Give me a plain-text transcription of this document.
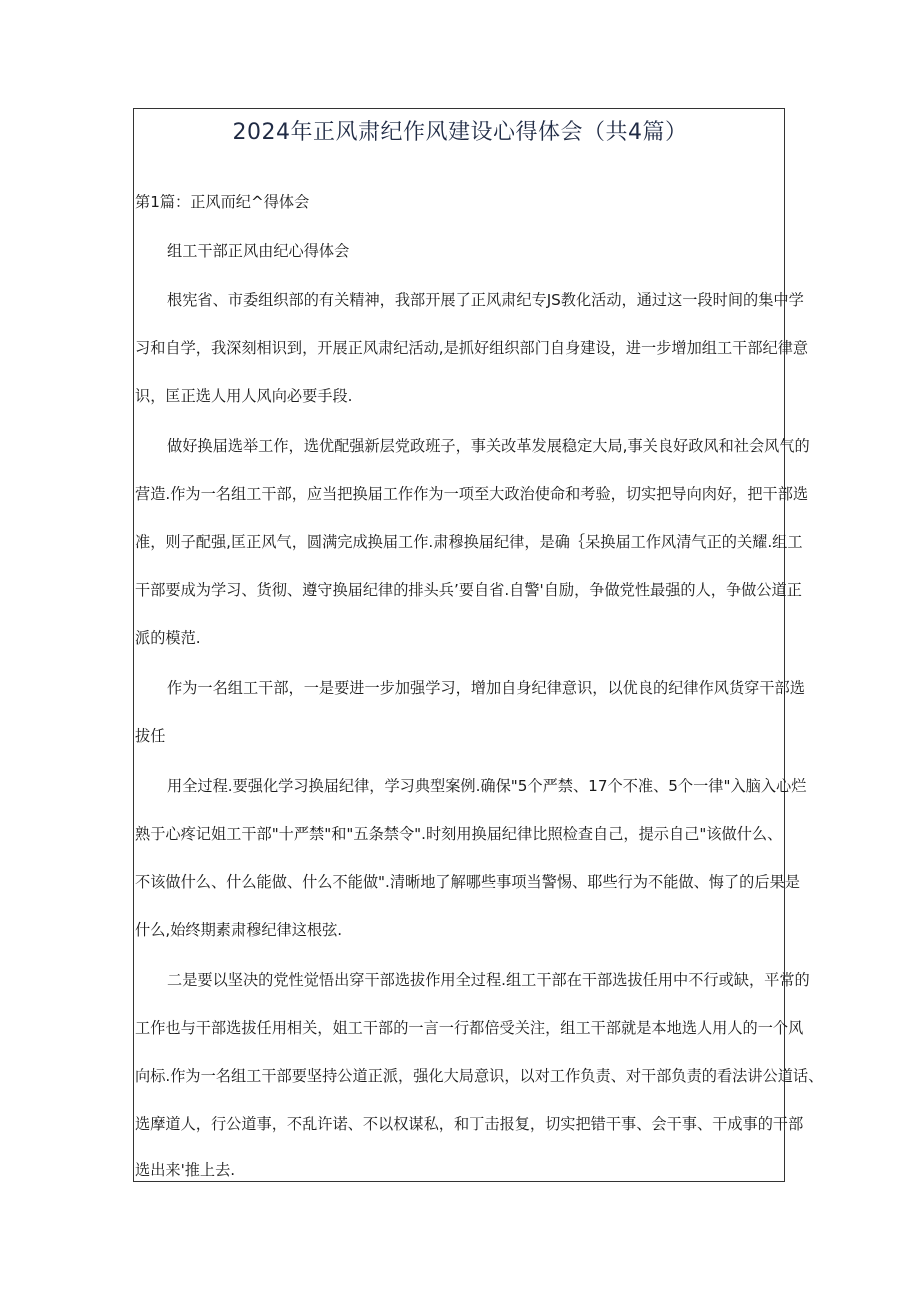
2024年正风肃纪作风建设心得体会（共4篇）

第1篇：正风而纪^得体会

组工干部正风由纪心得体会

根宪省、市委组织部的有关精神，我部开展了正风肃纪专JS教化活动，通过这一段时间的集中学

习和自学，我深刻相识到，开展正风肃纪活动,是抓好组织部门自身建设，进一步增加组工干部纪律意

识，匡正选人用人风向必要手段.

做好换届选举工作，选优配强新层党政班子，事关改革发展稳定大局,事关良好政风和社会风气的

营造.作为一名组工干部，应当把换届工作作为一项至大政治使命和考验，切实把导向肉好，把干部选

准，则子配强,匡正风气，圆满完成换届工作.肃穆换届纪律，是确｛呆换届工作风清气正的关耀.组工

干部要成为学习、货彻、遵守换届纪律的排头兵’要自省.自警'自励，争做党性最强的人，争做公道正

派的模范.

作为一名组工干部，一是要进一步加强学习，增加自身纪律意识，以优良的纪律作风货穿干部选

拔任

用全过程.要强化学习换届纪律，学习典型案例.确保"5个严禁、17个不准、5个一律"入脑入心烂

熟于心疼记姐工干部"十严禁"和"五条禁令".时刻用换届纪律比照检查自己，提示自己"该做什么、

不该做什么、什么能做、什么不能做".清晰地了解哪些事项当警惕、耶些行为不能做、悔了的后果是

什么,始终期素肃穆纪律这根弦.

二是要以坚决的党性觉悟出穿干部选拔作用全过程.组工干部在干部选拔任用中不行或缺，平常的

工作也与干部选拔任用相关，姐工干部的一言一行都倍受关注，组工干部就是本地选人用人的一个风

向标.作为一名组工干部要坚持公道正派，强化大局意识，以对工作负责、对干部负责的看法讲公道话、

选摩道人，行公道事，不乱许诺、不以权谋私，和丁击报复，切实把错干事、会干事、干成事的干部

选出来'推上去.
